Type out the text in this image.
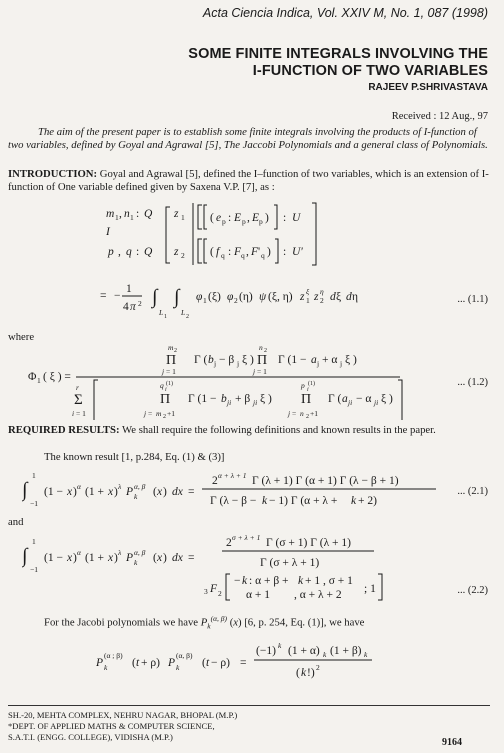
Acta Ciencia Indica, Vol. XXIV M, No. 1, 087 (1998)
SOME FINITE INTEGRALS INVOLVING THE
I-FUNCTION OF TWO VARIABLES
RAJEEV P.SHRIVASTAVA
Received : 12 Aug., 97
The aim of the present paper is to establish some finite integrals involving the products of I-function of two variables, defined by Goyal and Agrawal [5], The Jaccobi Polynomials and a general class of Polynomials.
INTRODUCTION: Goyal and Agrawal [5], defined the I–function of two variables, which is an extension of I-function of One variable defined given by Saxena V.P. [7], as :
m 1 , n 1 : Q
I
p , q : Q
z 1
z 2
( e p : E p , E p ) : U
( f q : F q , F ' q ) : U'
= −
1
4 π 2 ∫
L 1
∫
L 2
φ 1 (ξ) φ 2 (η) ψ (ξ, η) z 1
ξ z 2
η d ξ d η	... (1.1)
where
Φ 1 ( ξ ) =
m 2
Π Γ ( b j − β j ξ )
j = 1
n 2
Π Γ (1 − a j + α j ξ )
j = 1
r
Σ
i = 1
q i
(1)
Π Γ (1 − b ji + β ji ξ )
j = m 2 +1
p i
(1)
Π Γ ( a ji − α ji ξ )
j = n 2 +1
... (1.2)
REQUIRED RESULTS: We shall require the following definitions and known results in the paper.
The known result [1, p.284, Eq. (1) & (3)]
∫
1
−1
(1 − x ) α (1 + x ) λ P k
α, β ( x ) dx =
2 α + λ + 1 Γ (λ + 1) Γ (α + 1) Γ (λ − β + 1)
Γ (λ − β − k − 1) Γ (α + λ + k + 2)
... (2.1)
and
∫
1
−1
(1 − x ) α (1 + x ) λ P k
α, β ( x ) dx =
2 σ + λ + 1 Γ (σ + 1) Γ (λ + 1)
Γ (σ + λ + 1)
3 F 2
− k : α + β + k + 1 , σ + 1
α + 1 , α + λ + 2 ; 1	... (2.2)
For the Jacobi polynomials we have $P_k^{(\alpha, \beta)}$ (x) [6, p. 254, Eq. (1)], we have
P k
(α ; β)
( t + ρ) P k
(α, β)
( t − ρ) =
(−1) k (1 + α) k (1 + β) k
( k !) 2
SH.-20, MEHTA COMPLEX, NEHRU NAGAR, BHOPAL (M.P.)
*DEPT. OF APPLIED MATHS & COMPUTER SCIENCE,
S.A.T.I. (ENGG. COLLEGE), VIDISHA (M.P.)	9164
